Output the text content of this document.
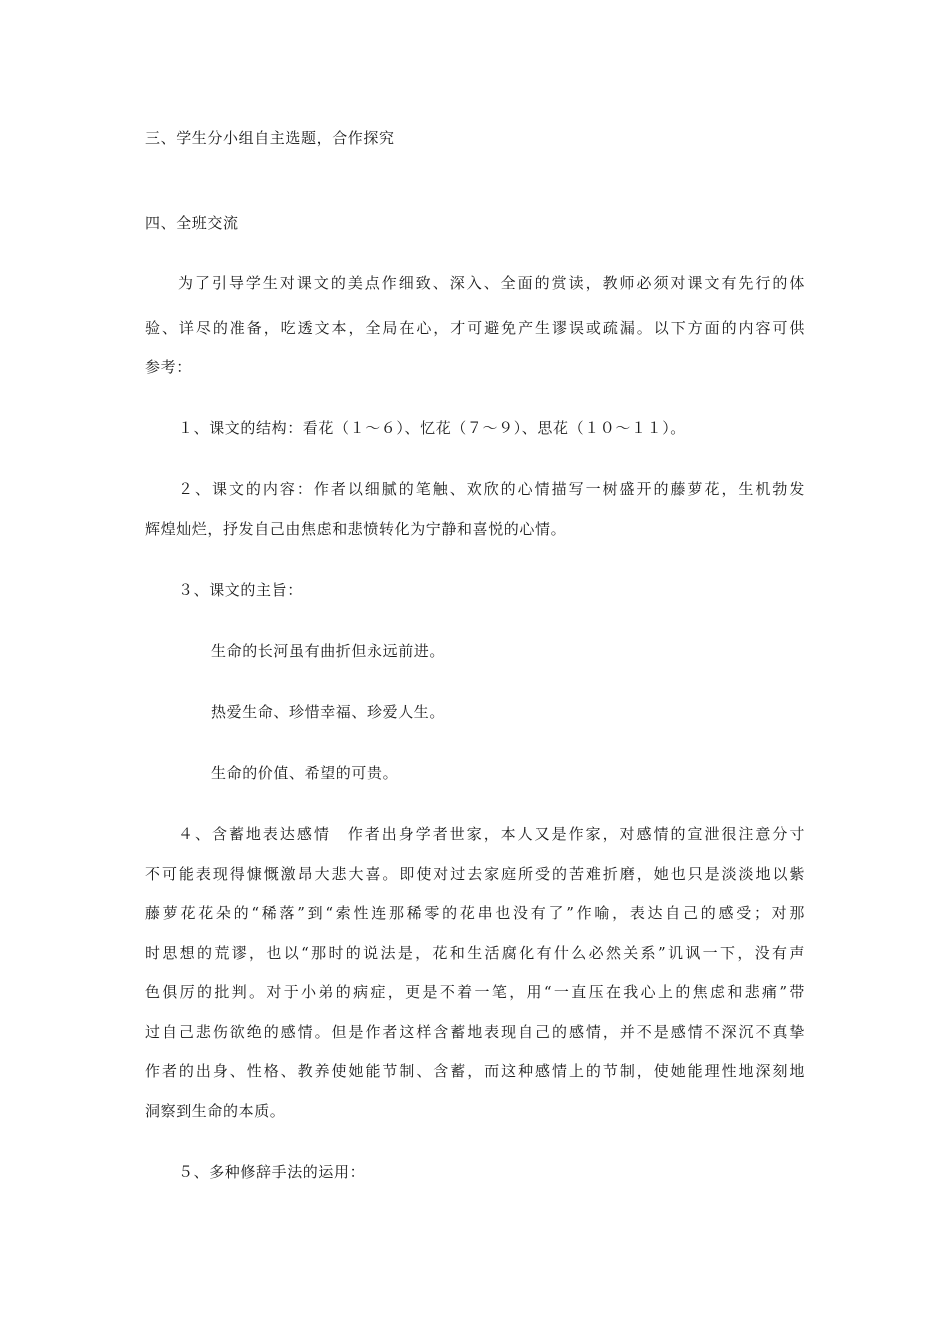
三、学生分小组自主选题，合作探究
四、全班交流
为了引导学生对课文的美点作细致、深入、全面的赏读，教师必须对课文有先行的体
验、详尽的准备，吃透文本，全局在心，才可避免产生谬误或疏漏。以下方面的内容可供
参考：
１、课文的结构：看花（１～６）、忆花（７～９）、思花（１０～１１）。
２、课文的内容：作者以细腻的笔触、欢欣的心情描写一树盛开的藤萝花，生机勃发
辉煌灿烂，抒发自己由焦虑和悲愤转化为宁静和喜悦的心情。
３、课文的主旨：
生命的长河虽有曲折但永远前进。
热爱生命、珍惜幸福、珍爱人生。
生命的价值、希望的可贵。
４、含蓄地表达感情　作者出身学者世家，本人又是作家，对感情的宣泄很注意分寸
不可能表现得慷慨激昂大悲大喜。即使对过去家庭所受的苦难折磨，她也只是淡淡地以紫
藤萝花花朵的“稀落”到“索性连那稀零的花串也没有了”作喻，表达自己的感受；对那
时思想的荒谬，也以“那时的说法是，花和生活腐化有什么必然关系”讥讽一下，没有声
色俱厉的批判。对于小弟的病症，更是不着一笔，用“一直压在我心上的焦虑和悲痛”带
过自己悲伤欲绝的感情。但是作者这样含蓄地表现自己的感情，并不是感情不深沉不真挚
作者的出身、性格、教养使她能节制、含蓄，而这种感情上的节制，使她能理性地深刻地
洞察到生命的本质。
５、多种修辞手法的运用：
